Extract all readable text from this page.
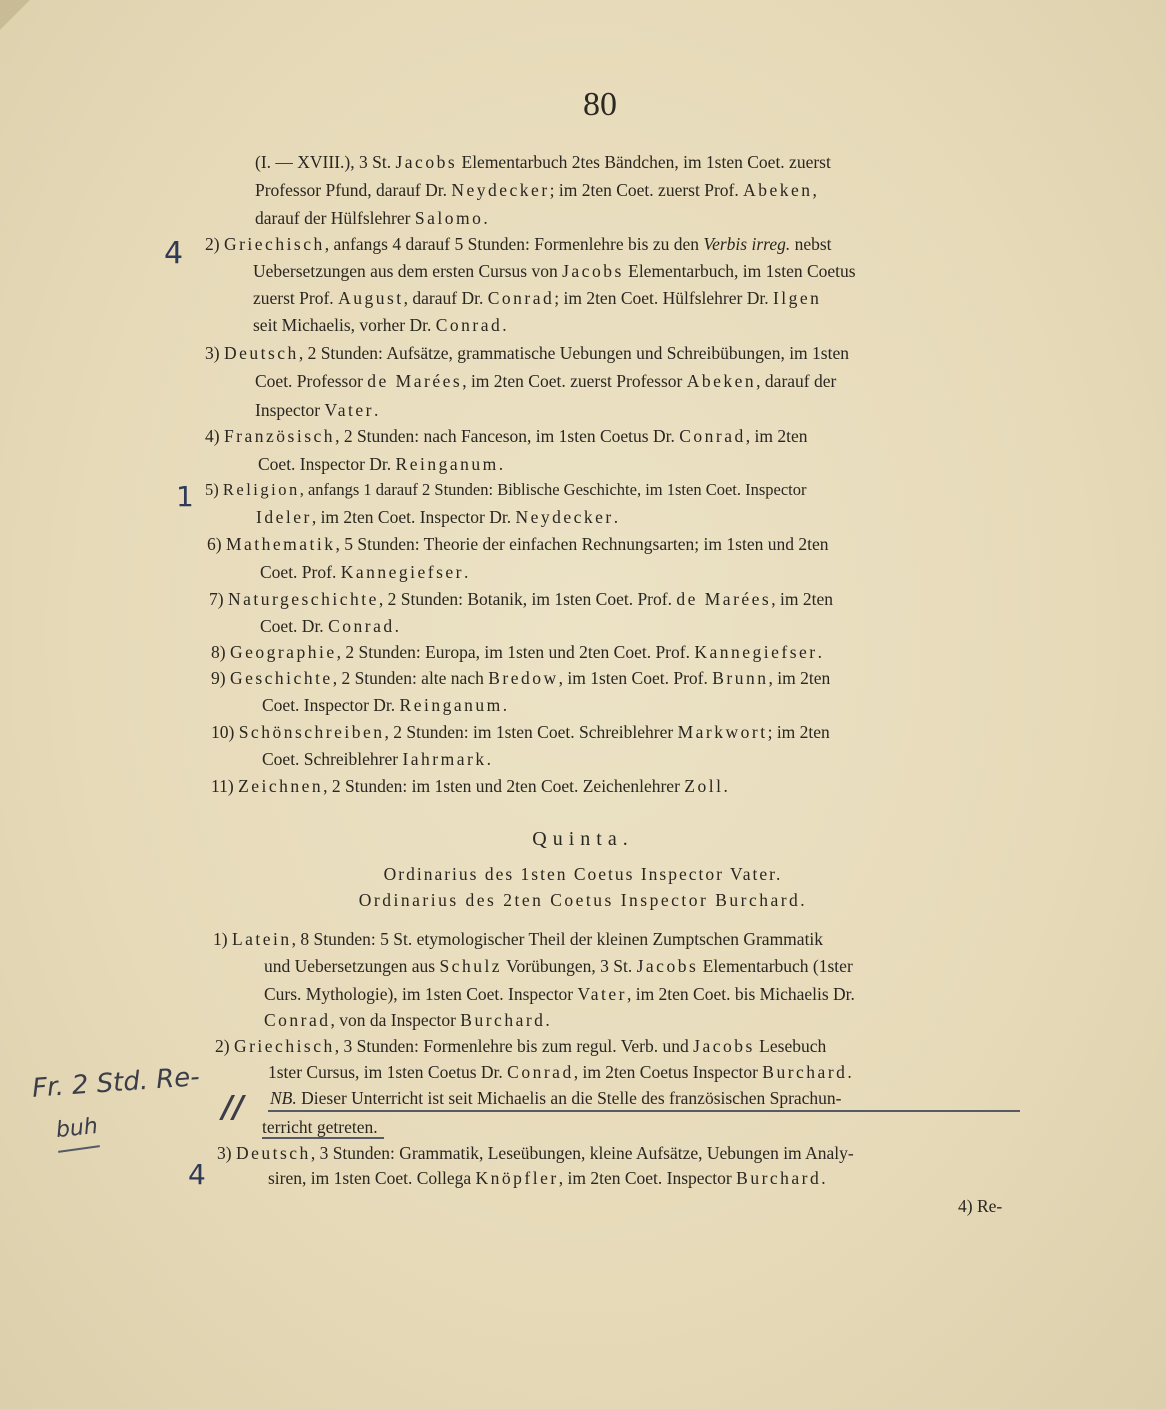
80
(I. — XVIII.), 3 St. Jacobs Elementarbuch 2tes Bändchen, im 1sten Coet. zuerst
Professor Pfund, darauf Dr. Neydecker; im 2ten Coet. zuerst Prof. Abeken,
darauf der Hülfslehrer Salomo.
2) Griechisch, anfangs 4 darauf 5 Stunden: Formenlehre bis zu den Verbis irreg. nebst
Uebersetzungen aus dem ersten Cursus von Jacobs Elementarbuch, im 1sten Coetus
zuerst Prof. August, darauf Dr. Conrad; im 2ten Coet. Hülfslehrer Dr. Ilgen
seit Michaelis, vorher Dr. Conrad.
3) Deutsch, 2 Stunden: Aufsätze, grammatische Uebungen und Schreibübungen, im 1sten
Coet. Professor de Marées, im 2ten Coet. zuerst Professor Abeken, darauf der
Inspector Vater.
4) Französisch, 2 Stunden: nach Fanceson, im 1sten Coetus Dr. Conrad, im 2ten
Coet. Inspector Dr. Reinganum.
5) Religion, anfangs 1 darauf 2 Stunden: Biblische Geschichte, im 1sten Coet. Inspector
Ideler, im 2ten Coet. Inspector Dr. Neydecker.
6) Mathematik, 5 Stunden: Theorie der einfachen Rechnungsarten; im 1sten und 2ten
Coet. Prof. Kannegiefser.
7) Naturgeschichte, 2 Stunden: Botanik, im 1sten Coet. Prof. de Marées, im 2ten
Coet. Dr. Conrad.
8) Geographie, 2 Stunden: Europa, im 1sten und 2ten Coet. Prof. Kannegiefser.
9) Geschichte, 2 Stunden: alte nach Bredow, im 1sten Coet. Prof. Brunn, im 2ten
Coet. Inspector Dr. Reinganum.
10) Schönschreiben, 2 Stunden: im 1sten Coet. Schreiblehrer Markwort; im 2ten
Coet. Schreiblehrer Iahrmark.
11) Zeichnen, 2 Stunden: im 1sten und 2ten Coet. Zeichenlehrer Zoll.
Quinta.
Ordinarius des 1sten Coetus Inspector Vater.
Ordinarius des 2ten Coetus Inspector Burchard.
1) Latein, 8 Stunden: 5 St. etymologischer Theil der kleinen Zumptschen Grammatik
und Uebersetzungen aus Schulz Vorübungen, 3 St. Jacobs Elementarbuch (1ster
Curs. Mythologie), im 1sten Coet. Inspector Vater, im 2ten Coet. bis Michaelis Dr.
Conrad, von da Inspector Burchard.
2) Griechisch, 3 Stunden: Formenlehre bis zum regul. Verb. und Jacobs Lesebuch
1ster Cursus, im 1sten Coetus Dr. Conrad, im 2ten Coetus Inspector Burchard.
NB. Dieser Unterricht ist seit Michaelis an die Stelle des französischen Sprachun-
terricht getreten.
3) Deutsch, 3 Stunden: Grammatik, Leseübungen, kleine Aufsätze, Uebungen im Analy-
siren, im 1sten Coet. Collega Knöpfler, im 2ten Coet. Inspector Burchard.
4) Re-
4
1
Fr. 2 Std. Re-
buh
4
//
